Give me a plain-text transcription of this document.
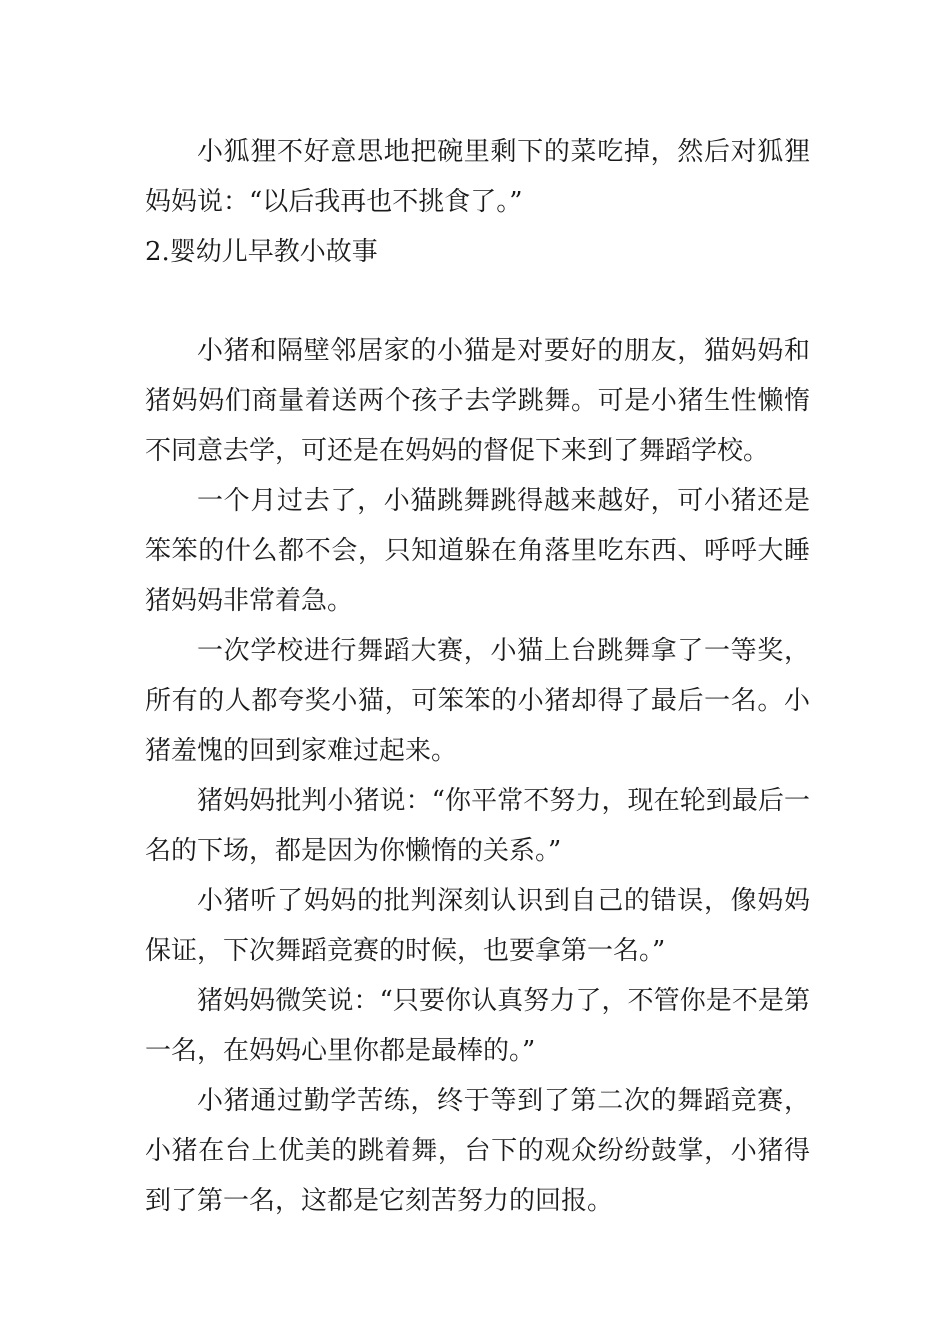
小狐狸不好意思地把碗里剩下的菜吃掉，然后对狐狸妈妈说：“以后我再也不挑食了。”

2.婴幼儿早教小故事

小猪和隔壁邻居家的小猫是对要好的朋友，猫妈妈和猪妈妈们商量着送两个孩子去学跳舞。可是小猪生性懒惰不同意去学，可还是在妈妈的督促下来到了舞蹈学校。

一个月过去了，小猫跳舞跳得越来越好，可小猪还是笨笨的什么都不会，只知道躲在角落里吃东西、呼呼大睡猪妈妈非常着急。

一次学校进行舞蹈大赛，小猫上台跳舞拿了一等奖，所有的人都夸奖小猫，可笨笨的小猪却得了最后一名。小猪羞愧的回到家难过起来。

猪妈妈批判小猪说：“你平常不努力，现在轮到最后一名的下场，都是因为你懒惰的关系。”

小猪听了妈妈的批判深刻认识到自己的错误，像妈妈保证，下次舞蹈竞赛的时候，也要拿第一名。”

猪妈妈微笑说：“只要你认真努力了，不管你是不是第一名，在妈妈心里你都是最棒的。”

小猪通过勤学苦练，终于等到了第二次的舞蹈竞赛，小猪在台上优美的跳着舞，台下的观众纷纷鼓掌，小猪得到了第一名，这都是它刻苦努力的回报。
